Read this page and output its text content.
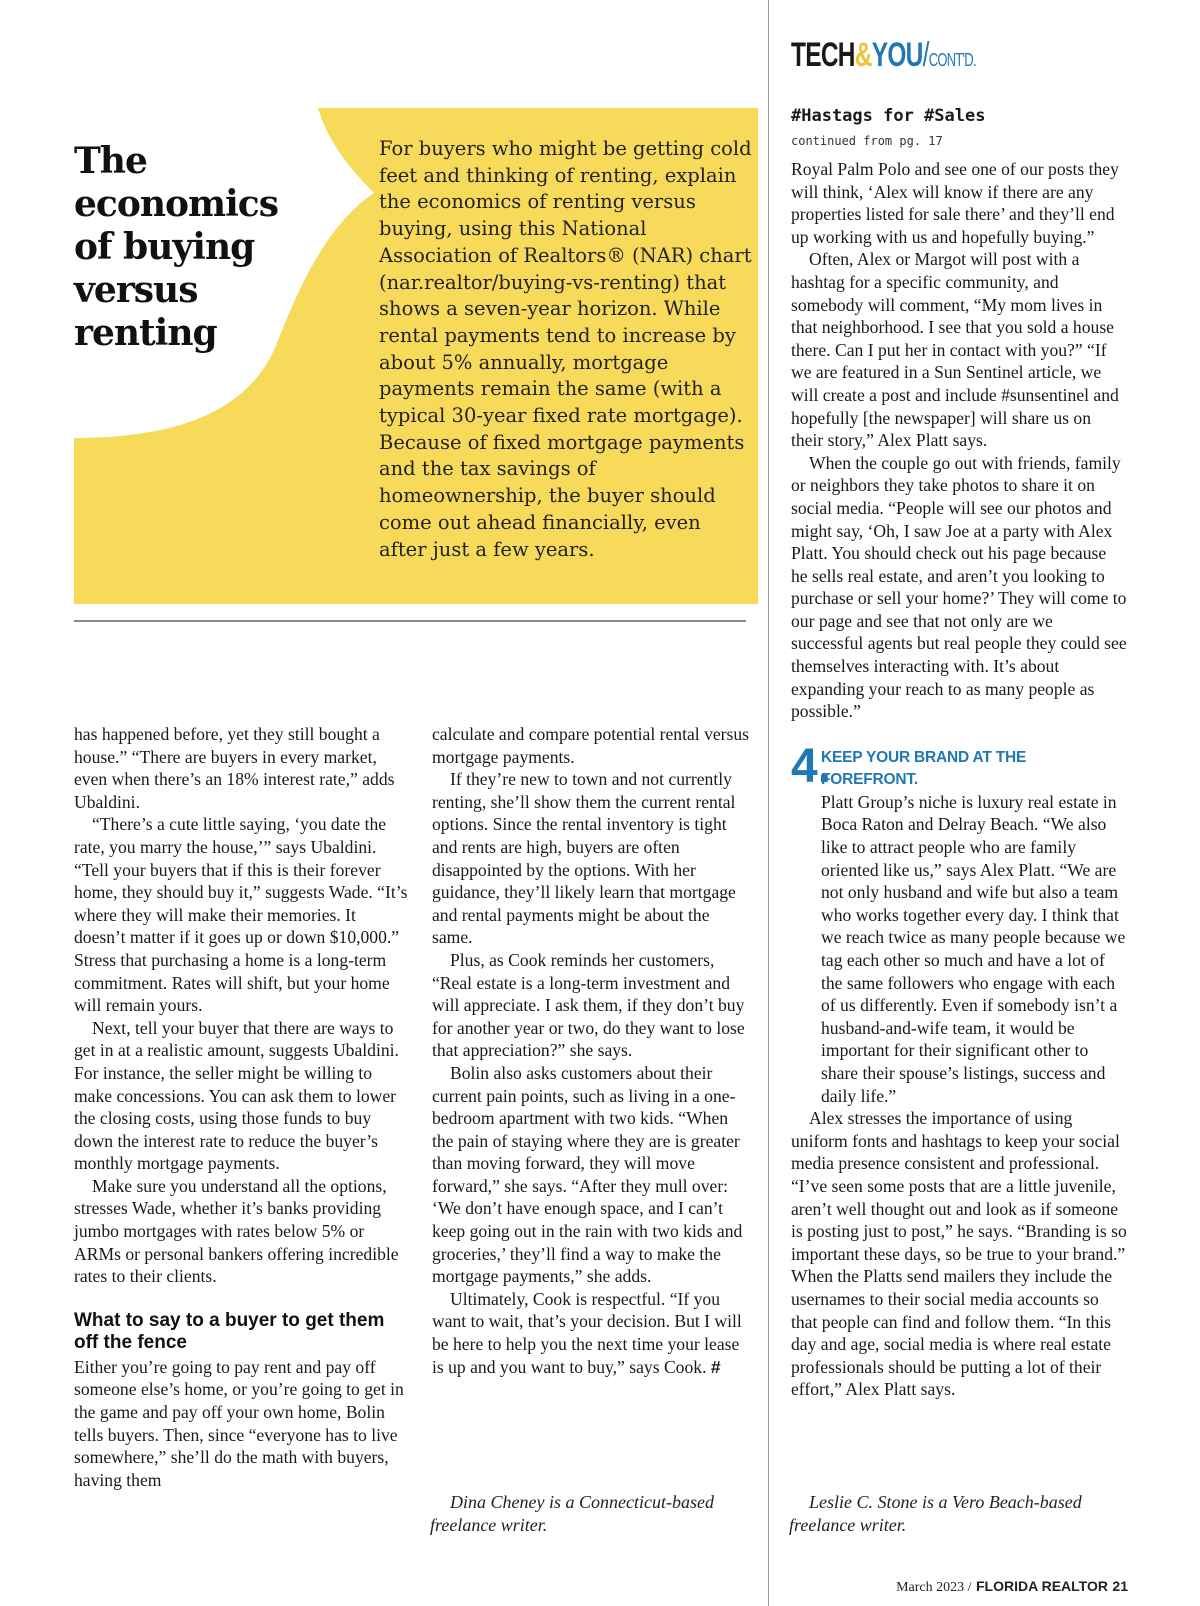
TECH&YOU/CONT'D.
The economics of buying versus renting

For buyers who might be getting cold feet and thinking of renting, explain the economics of renting versus buying, using this National Association of Realtors® (NAR) chart (nar.realtor/buying-vs-renting) that shows a seven-year horizon. While rental payments tend to increase by about 5% annually, mortgage payments remain the same (with a typical 30-year fixed rate mortgage). Because of fixed mortgage payments and the tax savings of homeownership, the buyer should come out ahead financially, even after just a few years.

has happened before, yet they still bought a house.” “There are buyers in every market, even when there’s an 18% interest rate,” adds Ubaldini.

“There’s a cute little saying, ‘you date the rate, you marry the house,’” says Ubaldini. “Tell your buyers that if this is their forever home, they should buy it,” suggests Wade. “It’s where they will make their memories. It doesn’t matter if it goes up or down $10,000.” Stress that purchasing a home is a long-term commitment. Rates will shift, but your home will remain yours.

Next, tell your buyer that there are ways to get in at a realistic amount, suggests Ubaldini. For instance, the seller might be willing to make concessions. You can ask them to lower the closing costs, using those funds to buy down the interest rate to reduce the buyer’s monthly mortgage payments.

Make sure you understand all the options, stresses Wade, whether it’s banks providing jumbo mortgages with rates below 5% or ARMs or personal bankers offering incredible rates to their clients.

What to say to a buyer to get them off the fence

Either you’re going to pay rent and pay off someone else’s home, or you’re going to get in the game and pay off your own home, Bolin tells buyers. Then, since “everyone has to live somewhere,” she’ll do the math with buyers, having them

calculate and compare potential rental versus mortgage payments.

If they’re new to town and not currently renting, she’ll show them the current rental options. Since the rental inventory is tight and rents are high, buyers are often disappointed by the options. With her guidance, they’ll likely learn that mortgage and rental payments might be about the same.

Plus, as Cook reminds her customers, “Real estate is a long-term investment and will appreciate. I ask them, if they don’t buy for another year or two, do they want to lose that appreciation?” she says.

Bolin also asks customers about their current pain points, such as living in a one-bedroom apartment with two kids. “When the pain of staying where they are is greater than moving forward, they will move forward,” she says. “After they mull over: ‘We don’t have enough space, and I can’t keep going out in the rain with two kids and groceries,’ they’ll find a way to make the mortgage payments,” she adds.

Ultimately, Cook is respectful. “If you want to wait, that’s your decision. But I will be here to help you the next time your lease is up and you want to buy,” says Cook. #

Dina Cheney is a Connecticut-based
freelance writer.

#Hastags for #Sales

continued from pg. 17

Royal Palm Polo and see one of our posts they will think, ‘Alex will know if there are any properties listed for sale there’ and they’ll end up working with us and hopefully buying.”

Often, Alex or Margot will post with a hashtag for a specific community, and somebody will comment, “My mom lives in that neighborhood. I see that you sold a house there. Can I put her in contact with you?” “If we are featured in a Sun Sentinel article, we will create a post and include #sunsentinel and hopefully [the newspaper] will share us on their story,” Alex Platt says.

When the couple go out with friends, family or neighbors they take photos to share it on social media. “People will see our photos and might say, ‘Oh, I saw Joe at a party with Alex Platt. You should check out his page because he sells real estate, and aren’t you looking to purchase or sell your home?’ They will come to our page and see that not only are we successful agents but real people they could see themselves interacting with. It’s about expanding your reach to as many people as possible.”

4.
KEEP YOUR BRAND AT THE FOREFRONT.

Platt Group’s niche is luxury real estate in Boca Raton and Delray Beach. “We also like to attract people who are family oriented like us,” says Alex Platt. “We are not only husband and wife but also a team who works together every day. I think that we reach twice as many people because we tag each other so much and have a lot of the same followers who engage with each of us differently. Even if somebody isn’t a husband-and-wife team, it would be important for their significant other to share their spouse’s listings, success and daily life.”

Alex stresses the importance of using uniform fonts and hashtags to keep your social media presence consistent and professional. “I’ve seen some posts that are a little juvenile, aren’t well thought out and look as if someone is posting just to post,” he says. “Branding is so important these days, so be true to your brand.” When the Platts send mailers they include the usernames to their social media accounts so that people can find and follow them. “In this day and age, social media is where real estate professionals should be putting a lot of their effort,” Alex Platt says.

Leslie C. Stone is a Vero Beach-based
freelance writer.

March 2023 / FLORIDA REALTOR 21
